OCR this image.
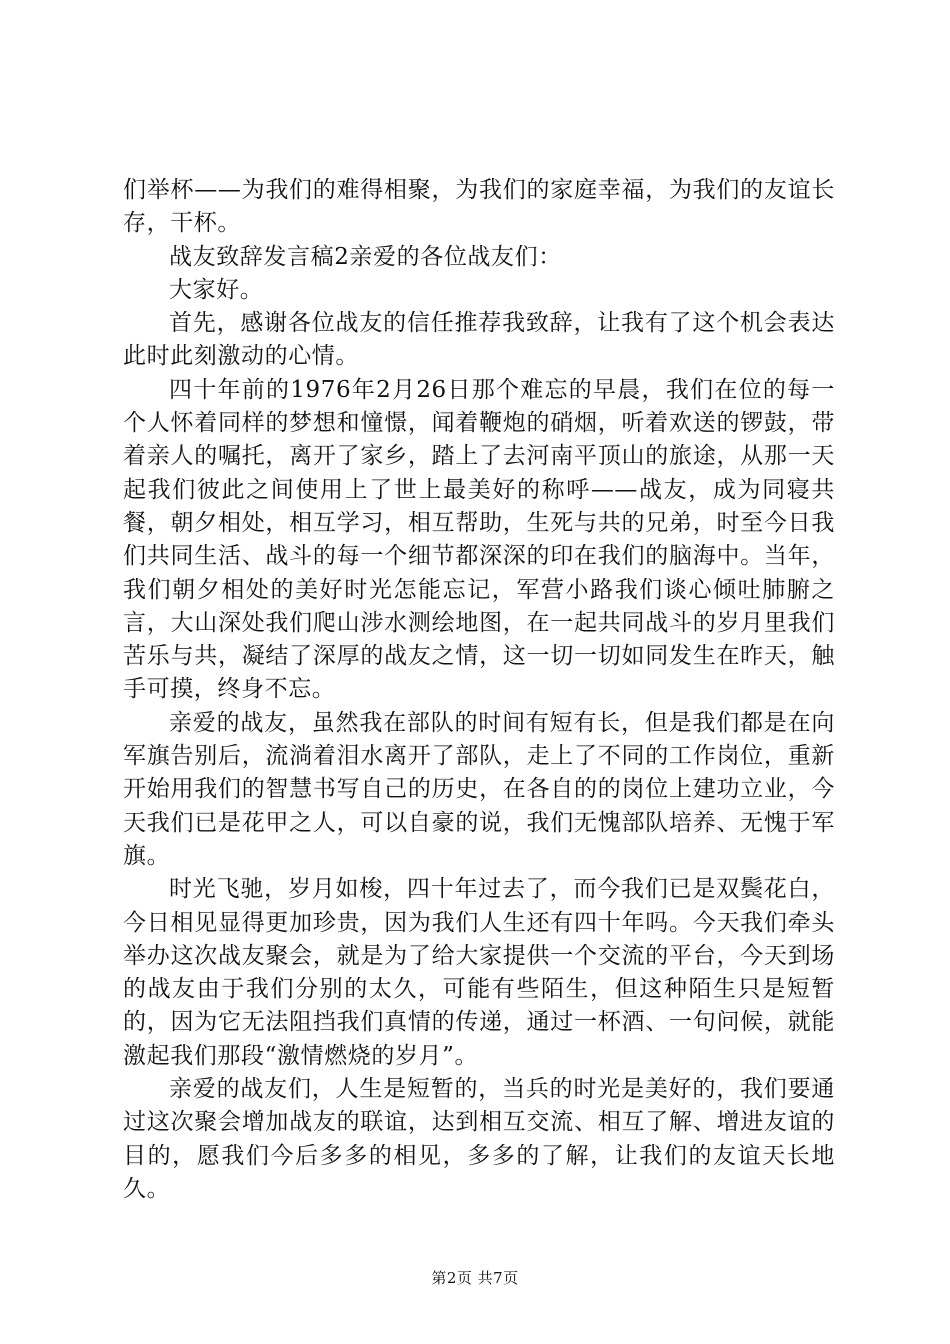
们举杯——为我们的难得相聚，为我们的家庭幸福，为我们的友谊长存，干杯。

战友致辞发言稿2亲爱的各位战友们：

大家好。

首先，感谢各位战友的信任推荐我致辞，让我有了这个机会表达此时此刻激动的心情。

四十年前的1976年2月26日那个难忘的早晨，我们在位的每一个人怀着同样的梦想和憧憬，闻着鞭炮的硝烟，听着欢送的锣鼓，带着亲人的嘱托，离开了家乡，踏上了去河南平顶山的旅途，从那一天起我们彼此之间使用上了世上最美好的称呼——战友，成为同寝共餐，朝夕相处，相互学习，相互帮助，生死与共的兄弟，时至今日我们共同生活、战斗的每一个细节都深深的印在我们的脑海中。当年，我们朝夕相处的美好时光怎能忘记，军营小路我们谈心倾吐肺腑之言，大山深处我们爬山涉水测绘地图，在一起共同战斗的岁月里我们苦乐与共，凝结了深厚的战友之情，这一切一切如同发生在昨天，触手可摸，终身不忘。

亲爱的战友，虽然我在部队的时间有短有长，但是我们都是在向军旗告别后，流淌着泪水离开了部队，走上了不同的工作岗位，重新开始用我们的智慧书写自己的历史，在各自的的岗位上建功立业，今天我们已是花甲之人，可以自豪的说，我们无愧部队培养、无愧于军旗。

时光飞驰，岁月如梭，四十年过去了，而今我们已是双鬓花白，今日相见显得更加珍贵，因为我们人生还有四十年吗。今天我们牵头举办这次战友聚会，就是为了给大家提供一个交流的平台，今天到场的战友由于我们分别的太久，可能有些陌生，但这种陌生只是短暂的，因为它无法阻挡我们真情的传递，通过一杯酒、一句问候，就能激起我们那段“激情燃烧的岁月”。

亲爱的战友们，人生是短暂的，当兵的时光是美好的，我们要通过这次聚会增加战友的联谊，达到相互交流、相互了解、增进友谊的目的，愿我们今后多多的相见，多多的了解，让我们的友谊天长地久。

第2页 共7页
